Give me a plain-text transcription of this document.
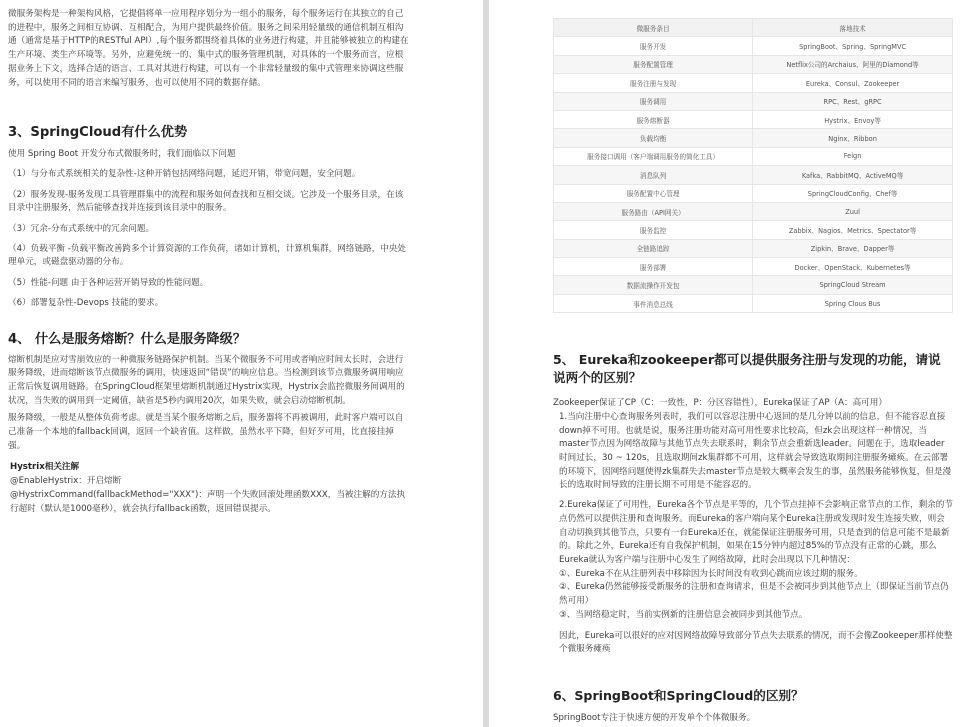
微服务架构是一种架构风格，它提倡将单一应用程序划分为一组小的服务，每个服务运行在其独立的自己的进程中，服务之间相互协调、互相配合，为用户提供最终价值。服务之间采用轻量级的通信机制互相沟通（通常是基于HTTP的RESTful API）,每个服务都围绕着具体的业务进行构建，并且能够被独立的构建在生产环境、类生产环境等。另外，应避免统一的、集中式的服务管理机制，对具体的一个服务而言，应根据业务上下文，选择合适的语言、工具对其进行构建，可以有一个非常轻量级的集中式管理来协调这些服务，可以使用不同的语言来编写服务，也可以使用不同的数据存储。

3、SpringCloud有什么优势

使用 Spring Boot 开发分布式微服务时，我们面临以下问题

（1）与分布式系统相关的复杂性-这种开销包括网络问题，延迟开销，带宽问题，安全问题。

（2）服务发现-服务发现工具管理群集中的流程和服务如何查找和互相交谈。它涉及一个服务目录，在该目录中注册服务，然后能够查找并连接到该目录中的服务。

（3）冗余-分布式系统中的冗余问题。

（4）负载平衡 -负载平衡改善跨多个计算资源的工作负荷，诸如计算机，计算机集群，网络链路，中央处理单元，或磁盘驱动器的分布。

（5）性能-问题 由于各种运营开销导致的性能问题。

（6）部署复杂性-Devops 技能的要求。

4、 什么是服务熔断？什么是服务降级？

熔断机制是应对雪崩效应的一种微服务链路保护机制。当某个微服务不可用或者响应时间太长时，会进行服务降级，进而熔断该节点微服务的调用，快速返回“错误”的响应信息。当检测到该节点微服务调用响应正常后恢复调用链路。在SpringCloud框架里熔断机制通过Hystrix实现，Hystrix会监控微服务间调用的状况，当失败的调用到一定阈值，缺省是5秒内调用20次，如果失败，就会启动熔断机制。

服务降级，一般是从整体负荷考虑。就是当某个服务熔断之后，服务器将不再被调用，此时客户端可以自己准备一个本地的fallback回调，返回一个缺省值。这样做，虽然水平下降，但好歹可用，比直接挂掉强。

Hystrix相关注解

@EnableHystrix：开启熔断

@HystrixCommand(fallbackMethod="XXX")：声明一个失败回滚处理函数XXX，当被注解的方法执行超时（默认是1000毫秒），就会执行fallback函数，返回错误提示。

微服务条目	落地技术
服务开发	SpringBoot、Spring、SpringMVC
服务配置管理	Netflix公司的Archaius、阿里的Diamond等
服务注册与发现	Eureka、Consul、Zookeeper
服务调用	RPC、Rest、gRPC
服务熔断器	Hystrix、Envoy等
负载均衡	Nginx、Ribbon
服务接口调用（客户端调用服务的简化工具）	Feign
消息队列	Kafka、RabbitMQ、ActiveMQ等
服务配置中心管理	SpringCloudConfig、Chef等
服务路由（API网关）	Zuul
服务监控	Zabbix、Nagios、Metrics、Spectator等
全链路追踪	Zipkin、Brave、Dapper等
服务部署	Docker、OpenStack、Kubernetes等
数据流操作开发包	SpringCloud Stream
事件消息总线	Spring Clous Bus
5、 Eureka和zookeeper都可以提供服务注册与发现的功能，请说说两个的区别？

Zookeeper保证了CP（C：一致性，P：分区容错性），Eureka保证了AP（A：高可用）

1.当向注册中心查询服务列表时，我们可以容忍注册中心返回的是几分钟以前的信息，但不能容忍直接down掉不可用。也就是说，服务注册功能对高可用性要求比较高，但zk会出现这样一种情况，当master节点因为网络故障与其他节点失去联系时，剩余节点会重新选leader。问题在于，选取leader时间过长，30 ~ 120s，且选取期间zk集群都不可用，这样就会导致选取期间注册服务瘫痪。在云部署的环境下，因网络问题使得zk集群失去master节点是较大概率会发生的事，虽然服务能够恢复，但是漫长的选取时间导致的注册长期不可用是不能容忍的。

2.Eureka保证了可用性，Eureka各个节点是平等的，几个节点挂掉不会影响正常节点的工作，剩余的节点仍然可以提供注册和查询服务。而Eureka的客户端向某个Eureka注册或发现时发生连接失败，则会自动切换到其他节点，只要有一台Eureka还在，就能保证注册服务可用，只是查到的信息可能不是最新的。除此之外，Eureka还有自我保护机制，如果在15分钟内超过85%的节点没有正常的心跳，那么Eureka就认为客户端与注册中心发生了网络故障，此时会出现以下几种情况：

①、Eureka不在从注册列表中移除因为长时间没有收到心跳而应该过期的服务。

②、Eureka仍然能够接受新服务的注册和查询请求，但是不会被同步到其他节点上（即保证当前节点仍然可用）

③、当网络稳定时，当前实例新的注册信息会被同步到其他节点。

因此，Eureka可以很好的应对因网络故障导致部分节点失去联系的情况，而不会像Zookeeper那样使整个微服务瘫痪

6、SpringBoot和SpringCloud的区别？

SpringBoot专注于快速方便的开发单个个体微服务。
